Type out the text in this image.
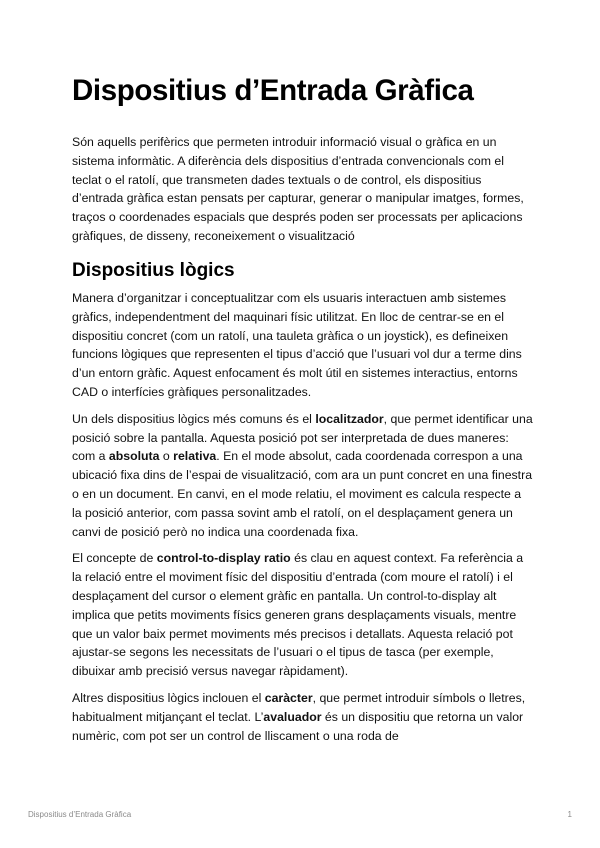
Dispositius d’Entrada Gràfica

Són aquells perifèrics que permeten introduir informació visual o gràfica en un sistema informàtic. A diferència dels dispositius d’entrada convencionals com el teclat o el ratolí, que transmeten dades textuals o de control, els dispositius d’entrada gràfica estan pensats per capturar, generar o manipular imatges, formes, traços o coordenades espacials que després poden ser processats per aplicacions gràfiques, de disseny, reconeixement o visualització

Dispositius lògics

Manera d’organitzar i conceptualitzar com els usuaris interactuen amb sistemes gràfics, independentment del maquinari físic utilitzat. En lloc de centrar-se en el dispositiu concret (com un ratolí, una tauleta gràfica o un joystick), es defineixen funcions lògiques que representen el tipus d’acció que l’usuari vol dur a terme dins d’un entorn gràfic. Aquest enfocament és molt útil en sistemes interactius, entorns CAD o interfícies gràfiques personalitzades.

Un dels dispositius lògics més comuns és el localitzador, que permet identificar una posició sobre la pantalla. Aquesta posició pot ser interpretada de dues maneres: com a absoluta o relativa. En el mode absolut, cada coordenada correspon a una ubicació fixa dins de l’espai de visualització, com ara un punt concret en una finestra o en un document. En canvi, en el mode relatiu, el moviment es calcula respecte a la posició anterior, com passa sovint amb el ratolí, on el desplaçament genera un canvi de posició però no indica una coordenada fixa.

El concepte de control-to-display ratio és clau en aquest context. Fa referència a la relació entre el moviment físic del dispositiu d’entrada (com moure el ratolí) i el desplaçament del cursor o element gràfic en pantalla. Un control-to-display alt implica que petits moviments físics generen grans desplaçaments visuals, mentre que un valor baix permet moviments més precisos i detallats. Aquesta relació pot ajustar-se segons les necessitats de l’usuari o el tipus de tasca (per exemple, dibuixar amb precisió versus navegar ràpidament).

Altres dispositius lògics inclouen el caràcter, que permet introduir símbols o lletres, habitualment mitjançant el teclat. L’avaluador és un dispositiu que retorna un valor numèric, com pot ser un control de lliscament o una roda de

Dispositius d’Entrada Gràfica	1
